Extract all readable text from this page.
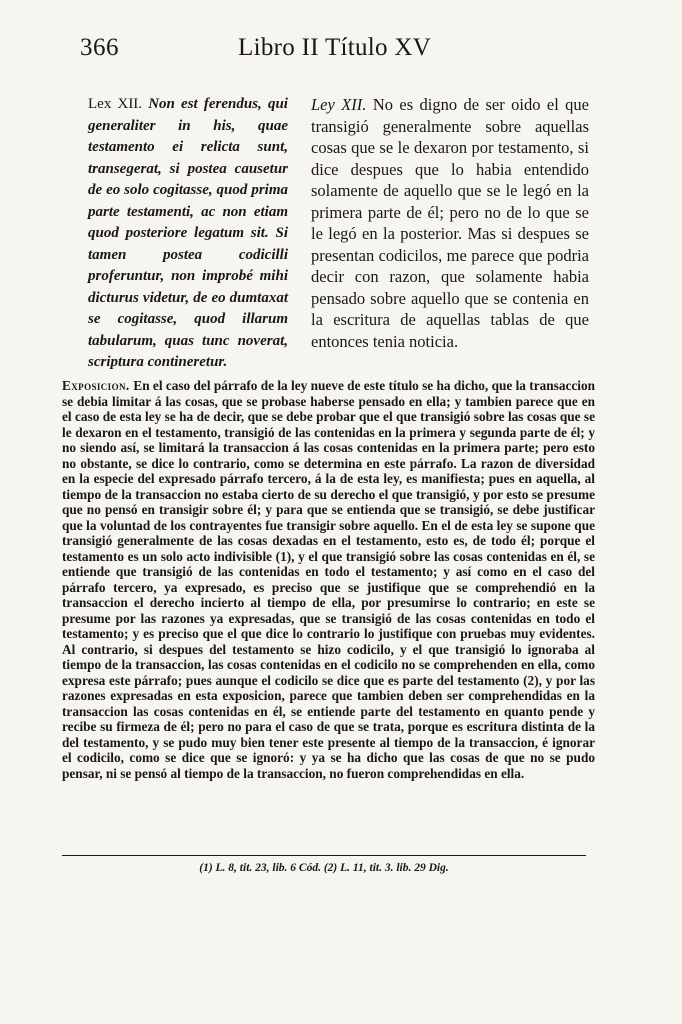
366	Libro II Título XV
Lex XII. Non est ferendus, qui generaliter in his, quae testamento ei relicta sunt, transegerat, si postea causetur de eo solo cogitasse, quod prima parte testamenti, ac non etiam quod posteriore legatum sit. Si tamen postea codicilli proferuntur, non improbé mihi dicturus videtur, de eo dumtaxat se cogitasse, quod illarum tabularum, quas tunc noverat, scriptura contineretur.
Ley XII. No es digno de ser oido el que transigió generalmente sobre aquellas cosas que se le dexaron por testamento, si dice despues que lo habia entendido solamente de aquello que se le legó en la primera parte de él; pero no de lo que se le legó en la posterior. Mas si despues se presentan codicilos, me parece que podria decir con razon, que solamente habia pensado sobre aquello que se contenia en la escritura de aquellas tablas de que entonces tenia noticia.
Exposicion. En el caso del párrafo de la ley nueve de este título se ha dicho, que la transaccion se debia limitar á las cosas, que se probase haberse pensado en ella; y tambien parece que en el caso de esta ley se ha de decir, que se debe probar que el que transigió sobre las cosas que se le dexaron en el testamento, transigió de las contenidas en la primera y segunda parte de él; y no siendo así, se limitará la transaccion á las cosas contenidas en la primera parte; pero esto no obstante, se dice lo contrario, como se determina en este párrafo. La razon de diversidad en la especie del expresado párrafo tercero, á la de esta ley, es manifiesta; pues en aquella, al tiempo de la transaccion no estaba cierto de su derecho el que transigió, y por esto se presume que no pensó en transigir sobre él; y para que se entienda que se transigió, se debe justificar que la voluntad de los contrayentes fue transigir sobre aquello. En el de esta ley se supone que transigió generalmente de las cosas dexadas en el testamento, esto es, de todo él; porque el testamento es un solo acto indivisible (1), y el que transigió sobre las cosas contenidas en él, se entiende que transigió de las contenidas en todo el testamento; y así como en el caso del párrafo tercero, ya expresado, es preciso que se justifique que se comprehendió en la transaccion el derecho incierto al tiempo de ella, por presumirse lo contrario; en este se presume por las razones ya expresadas, que se transigió de las cosas contenidas en todo el testamento; y es preciso que el que dice lo contrario lo justifique con pruebas muy evidentes. Al contrario, si despues del testamento se hizo codicilo, y el que transigió lo ignoraba al tiempo de la transaccion, las cosas contenidas en el codicilo no se comprehenden en ella, como expresa este párrafo; pues aunque el codicilo se dice que es parte del testamento (2), y por las razones expresadas en esta exposicion, parece que tambien deben ser comprehendidas en la transaccion las cosas contenidas en él, se entiende parte del testamento en quanto pende y recibe su firmeza de él; pero no para el caso de que se trata, porque es escritura distinta de la del testamento, y se pudo muy bien tener este presente al tiempo de la transaccion, é ignorar el codicilo, como se dice que se ignoró: y ya se ha dicho que las cosas de que no se pudo pensar, ni se pensó al tiempo de la transaccion, no fueron comprehendidas en ella.
(1) L. 8, tit. 23, lib. 6 Cód. (2) L. 11, tit. 3. lib. 29 Dig.
